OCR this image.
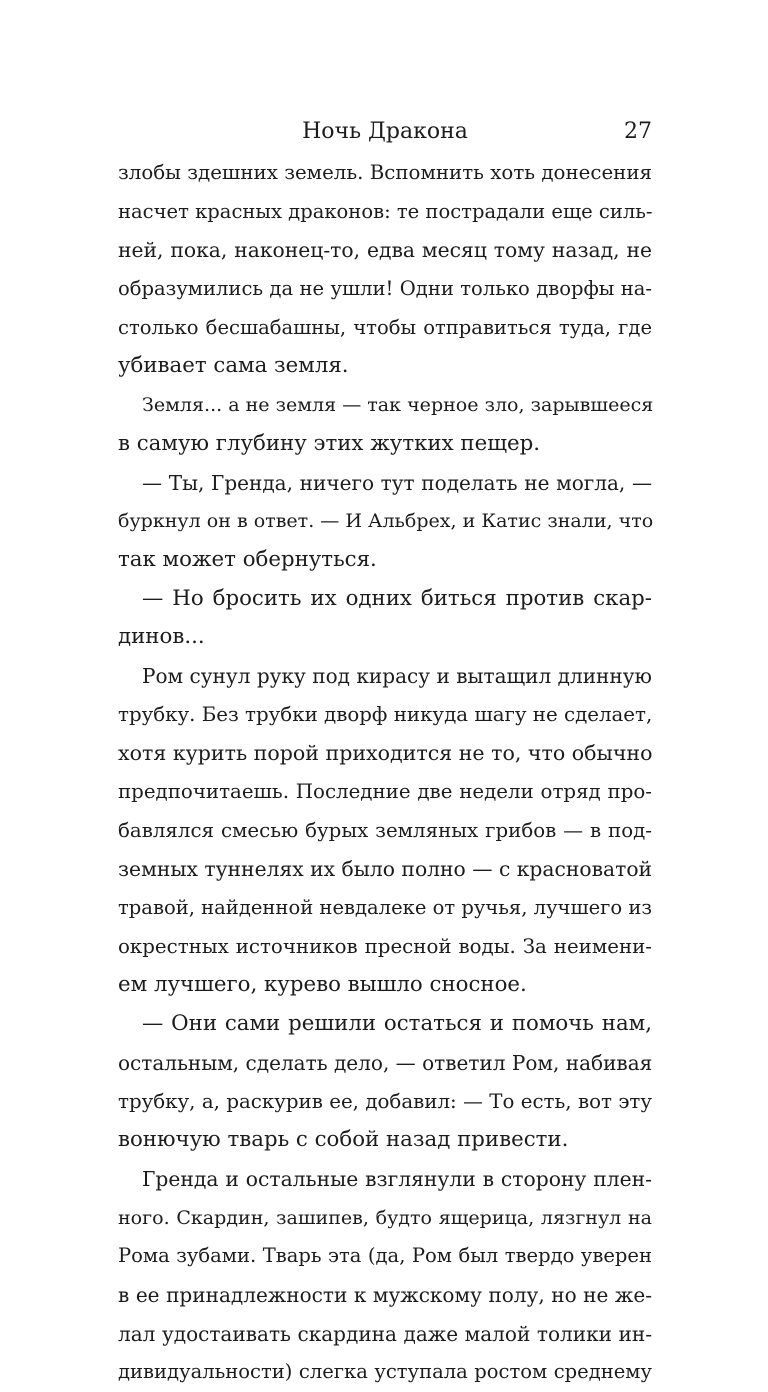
Ночь Дракона	27
злобы здешних земель. Вспомнить хоть донесения
насчет красных драконов: те пострадали еще силь-
ней, пока, наконец-то, едва месяц тому назад, не
образумились да не ушли! Одни только дворфы на-
столько бесшабашны, чтобы отправиться туда, где
убивает сама земля.
Земля... а не земля — так черное зло, зарывшееся
в самую глубину этих жутких пещер.
— Ты, Гренда, ничего тут поделать не могла, —
буркнул он в ответ. — И Альбрех, и Катис знали, что
так может обернуться.
— Но бросить их одних биться против скар-
динов...
Ром сунул руку под кирасу и вытащил длинную
трубку. Без трубки дворф никуда шагу не сделает,
хотя курить порой приходится не то, что обычно
предпочитаешь. Последние две недели отряд про-
бавлялся смесью бурых земляных грибов — в под-
земных туннелях их было полно — с красноватой
травой, найденной невдалеке от ручья, лучшего из
окрестных источников пресной воды. За неимени-
ем лучшего, курево вышло сносное.
— Они сами решили остаться и помочь нам,
остальным, сделать дело, — ответил Ром, набивая
трубку, а, раскурив ее, добавил: — То есть, вот эту
вонючую тварь с собой назад привести.
Гренда и остальные взглянули в сторону плен-
ного. Скардин, зашипев, будто ящерица, лязгнул на
Рома зубами. Тварь эта (да, Ром был твердо уверен
в ее принадлежности к мужскому полу, но не же-
лал удостаивать скардина даже малой толики ин-
дивидуальности) слегка уступала ростом среднему
